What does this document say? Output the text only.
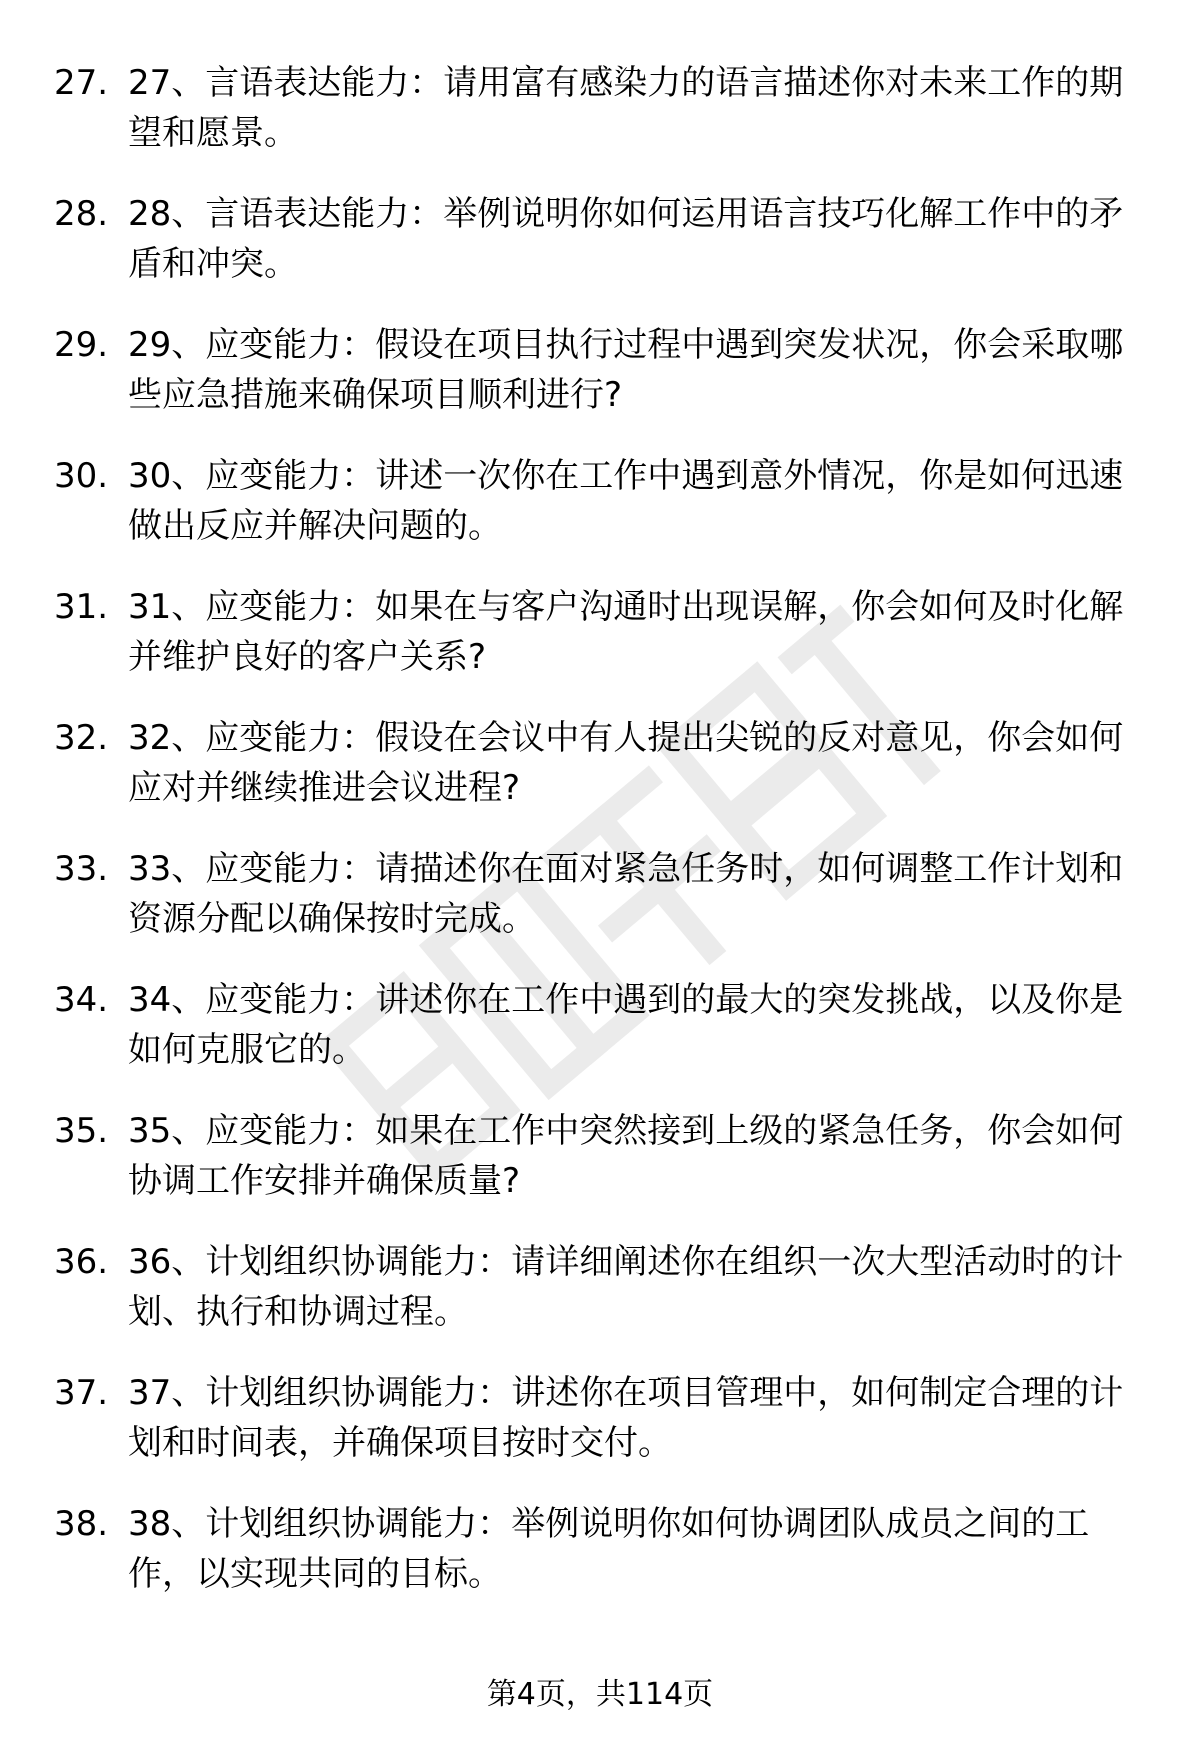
27. 27、言语表达能力：请用富有感染力的语言描述你对未来工作的期望和愿景。
28. 28、言语表达能力：举例说明你如何运用语言技巧化解工作中的矛盾和冲突。
29. 29、应变能力：假设在项目执行过程中遇到突发状况，你会采取哪些应急措施来确保项目顺利进行?
30. 30、应变能力：讲述一次你在工作中遇到意外情况，你是如何迅速做出反应并解决问题的。
31. 31、应变能力：如果在与客户沟通时出现误解，你会如何及时化解并维护良好的客户关系?
32. 32、应变能力：假设在会议中有人提出尖锐的反对意见，你会如何应对并继续推进会议进程?
33. 33、应变能力：请描述你在面对紧急任务时，如何调整工作计划和资源分配以确保按时完成。
34. 34、应变能力：讲述你在工作中遇到的最大的突发挑战，以及你是如何克服它的。
35. 35、应变能力：如果在工作中突然接到上级的紧急任务，你会如何协调工作安排并确保质量?
36. 36、计划组织协调能力：请详细阐述你在组织一次大型活动时的计划、执行和协调过程。
37. 37、计划组织协调能力：讲述你在项目管理中，如何制定合理的计划和时间表，并确保项目按时交付。
38. 38、计划组织协调能力：举例说明你如何协调团队成员之间的工作，以实现共同的目标。
第4页，共114页
